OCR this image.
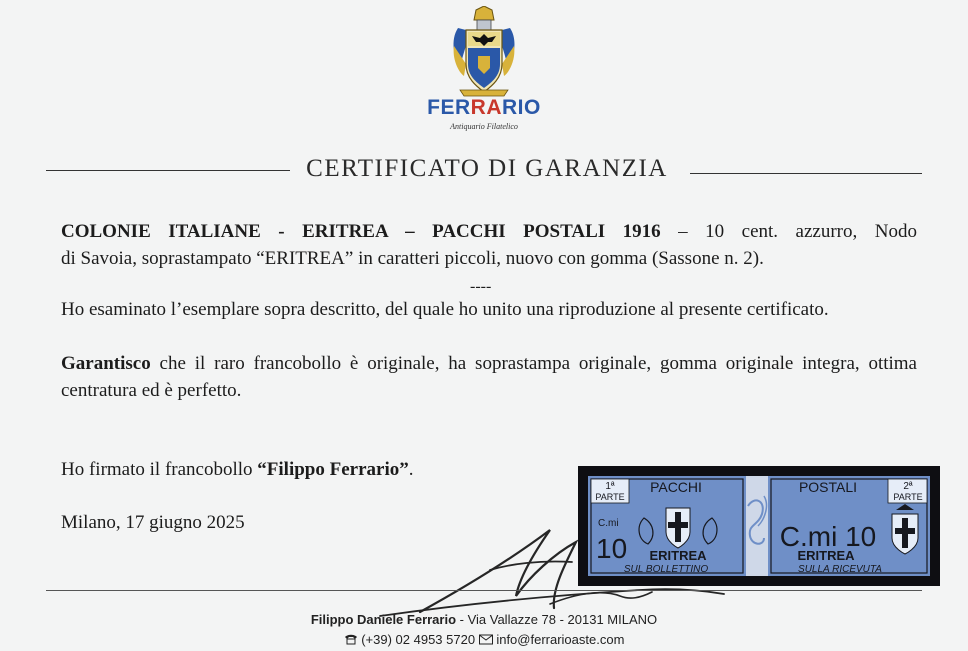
FERRARIO
Antiquario Filatelico
CERTIFICATO DI GARANZIA
COLONIE ITALIANE - ERITREA – PACCHI POSTALI 1916 – 10 cent. azzurro, Nodo
di Savoia, soprastampato “ERITREA” in caratteri piccoli, nuovo con gomma (Sassone n. 2).
----
Ho esaminato l’esemplare sopra descritto, del quale ho unito una riproduzione al presente certificato.
Garantisco che il raro francobollo è originale, ha soprastampa originale, gomma originale integra, ottima centratura ed è perfetto.
Ho firmato il francobollo “Filippo Ferrario”.
Milano, 17 giugno 2025
1ª
PARTE
PACCHI
C.mi
10 ERITREA
SUL BOLLETTINO
2ª
PARTE
POSTALI
C.mi 10
ERITREA
SULLA RICEVUTA
Filippo Daniele Ferrario - Via Vallazze 78 - 20131 MILANO
(+39) 02 4953 5720 info@ferrarioaste.com
